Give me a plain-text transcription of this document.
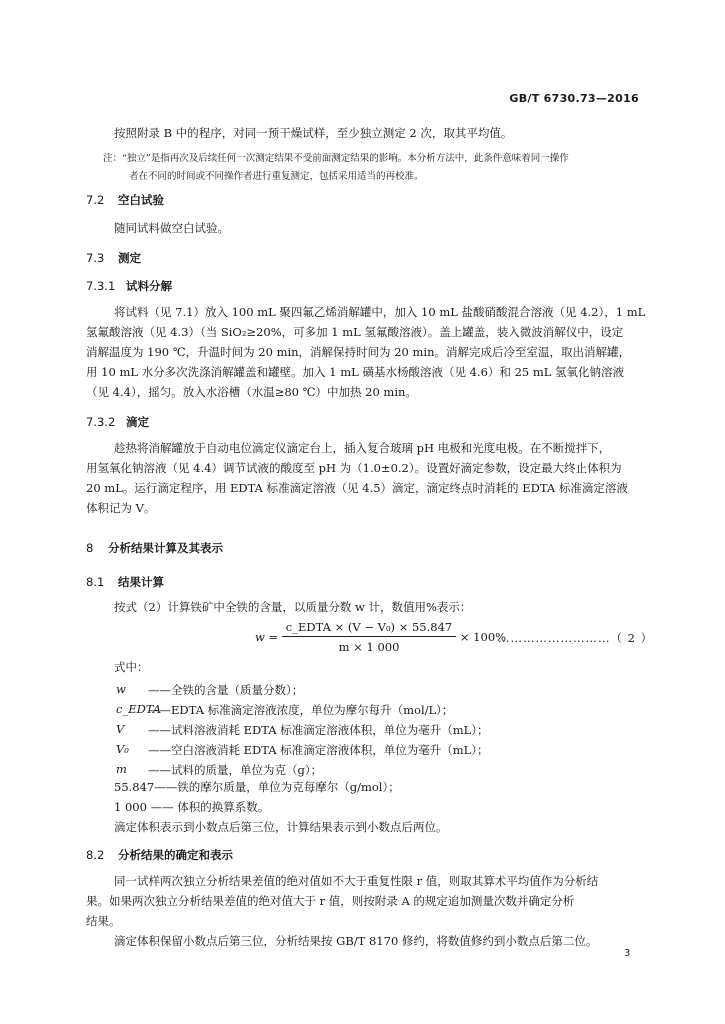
GB/T 6730.73—2016
按照附录 B 中的程序，对同一预干燥试样，至少独立测定 2 次，取其平均值。
注：“独立”是指再次及后续任何一次测定结果不受前面测定结果的影响。本分析方法中，此条件意味着同一操作
者在不同的时间或不同操作者进行重复测定，包括采用适当的再校准。
7.2 空白试验
随同试料做空白试验。
7.3 测定
7.3.1 试料分解
将试料（见 7.1）放入 100 mL 聚四氟乙烯消解罐中，加入 10 mL 盐酸硝酸混合溶液（见 4.2），1 mL
氢氟酸溶液（见 4.3）（当 SiO₂≥20%，可多加 1 mL 氢氟酸溶液）。盖上罐盖，装入微波消解仪中，设定
消解温度为 190 ℃，升温时间为 20 min，消解保持时间为 20 min。消解完成后冷至室温，取出消解罐，
用 10 mL 水分多次洗涤消解罐盖和罐壁。加入 1 mL 磺基水杨酸溶液（见 4.6）和 25 mL 氢氧化钠溶液
（见 4.4），摇匀。放入水浴槽（水温≥80 ℃）中加热 20 min。
7.3.2 滴定
趁热将消解罐放于自动电位滴定仪滴定台上，插入复合玻璃 pH 电极和光度电极。在不断搅拌下，
用氢氧化钠溶液（见 4.4）调节试液的酸度至 pH 为（1.0±0.2）。设置好滴定参数，设定最大终止体积为
20 mL。运行滴定程序，用 EDTA 标准滴定溶液（见 4.5）滴定，滴定终点时消耗的 EDTA 标准滴定溶液
体积记为 V。
8 分析结果计算及其表示
8.1 结果计算
按式（2）计算铁矿中全铁的含量，以质量分数 w 计，数值用%表示：
$w = \frac{\text{c\_EDTA × (V − V₀) × 55.847}}{m \times 1 000} \times 100\%$
………………………（ 2 ）
式中：
w ——全铁的含量（质量分数）；
c_EDTA
——EDTA 标准滴定溶液浓度，单位为摩尔每升（mol/L）；
V ——试料溶液消耗 EDTA 标准滴定溶液体积，单位为毫升（mL）；
V₀ ——空白溶液消耗 EDTA 标准滴定溶液体积，单位为毫升（mL）；
m ——试料的质量，单位为克（g）；
55.847——铁的摩尔质量，单位为克每摩尔（g/mol）；
1 000 —— 体积的换算系数。
滴定体积表示到小数点后第三位，计算结果表示到小数点后两位。
8.2 分析结果的确定和表示
同一试样两次独立分析结果差值的绝对值如不大于重复性限 r 值，则取其算术平均值作为分析结
果。如果两次独立分析结果差值的绝对值大于 r 值，则按附录 A 的规定追加测量次数并确定分析
结果。
滴定体积保留小数点后第三位，分析结果按 GB/T 8170 修约，将数值修约到小数点后第二位。
3
